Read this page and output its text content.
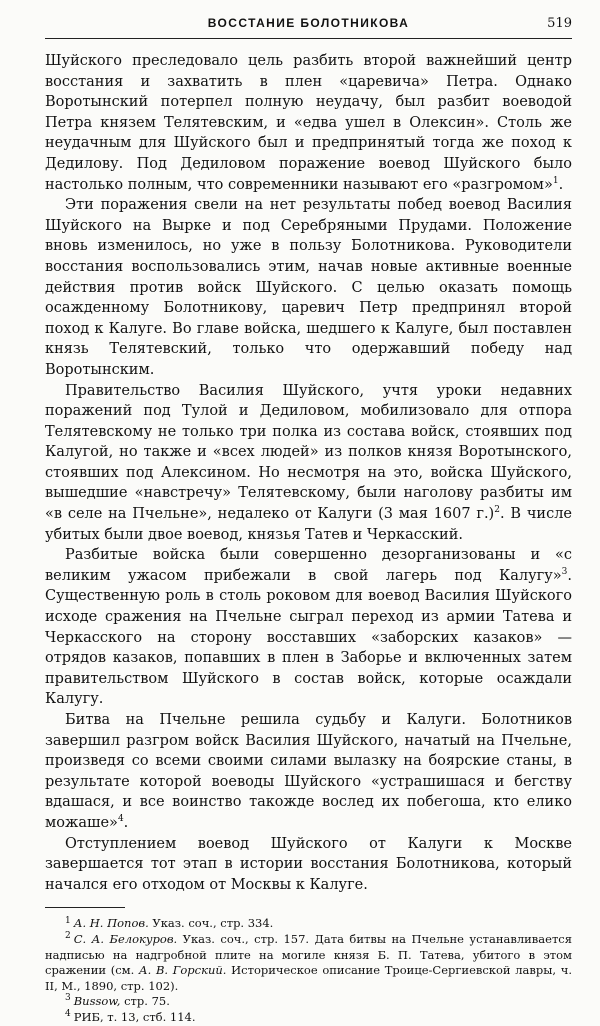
ВОССТАНИЕ БОЛОТНИКОВА	519

Шуйского преследовало цель разбить второй важнейший центр восстания и захватить в плен «царевича» Петра. Однако Воротынский потерпел полную неудачу, был разбит воеводой Петра князем Телятевским, и «едва ушел в Олексин». Столь же неудачным для Шуйского был и предпринятый тогда же поход к Дедилову. Под Дедиловом поражение воевод Шуйского было настолько полным, что современники называют его «разгромом»$^1$.

Эти поражения свели на нет результаты побед воевод Василия Шуйского на Вырке и под Серебряными Прудами. Положение вновь изменилось, но уже в пользу Болотникова. Руководители восстания воспользовались этим, начав новые активные военные действия против войск Шуйского. С целью оказать помощь осажденному Болотникову, царевич Петр предпринял второй поход к Калуге. Во главе войска, шедшего к Калуге, был поставлен князь Телятевский, только что одержавший победу над Воротынским.

Правительство Василия Шуйского, учтя уроки недавних поражений под Тулой и Дедиловом, мобилизовало для отпора Телятевскому не только три полка из состава войск, стоявших под Калугой, но также и «всех людей» из полков князя Воротынского, стоявших под Алексином. Но несмотря на это, войска Шуйского, вышедшие «навстречу» Телятевскому, были наголову разбиты им «в селе на Пчельне», недалеко от Калуги (3 мая 1607 г.)$^2$. В числе убитых были двое воевод, князья Татев и Черкасский.

Разбитые войска были совершенно дезорганизованы и «с великим ужасом прибежали в свой лагерь под Калугу»$^3$. Существенную роль в столь роковом для воевод Василия Шуйского исходе сражения на Пчельне сыграл переход из армии Татева и Черкасского на сторону восставших «заборских казаков» — отрядов казаков, попавших в плен в Заборье и включенных затем правительством Шуйского в состав войск, которые осаждали Калугу.

Битва на Пчельне решила судьбу и Калуги. Болотников завершил разгром войск Василия Шуйского, начатый на Пчельне, произведя со всеми своими силами вылазку на боярские станы, в результате которой воеводы Шуйского «устрашишася и бегству вдашася, и все воинство такожде вослед их побегоша, кто елико можаше»$^4$.

Отступлением воевод Шуйского от Калуги к Москве завершается тот этап в истории восстания Болотникова, который начался его отходом от Москвы к Калуге.

$^1$ А. Н. Попов. Указ. соч., стр. 334.

$^2$ С. А. Белокуров. Указ. соч., стр. 157. Дата битвы на Пчельне устанавливается надписью на надгробной плите на могиле князя Б. П. Татева, убитого в этом сражении (см. А. В. Горский. Историческое описание Троице-Сергиевской лавры, ч. II, М., 1890, стр. 102).

$^3$ Bussow, стр. 75.

$^4$ РИБ, т. 13, стб. 114.
